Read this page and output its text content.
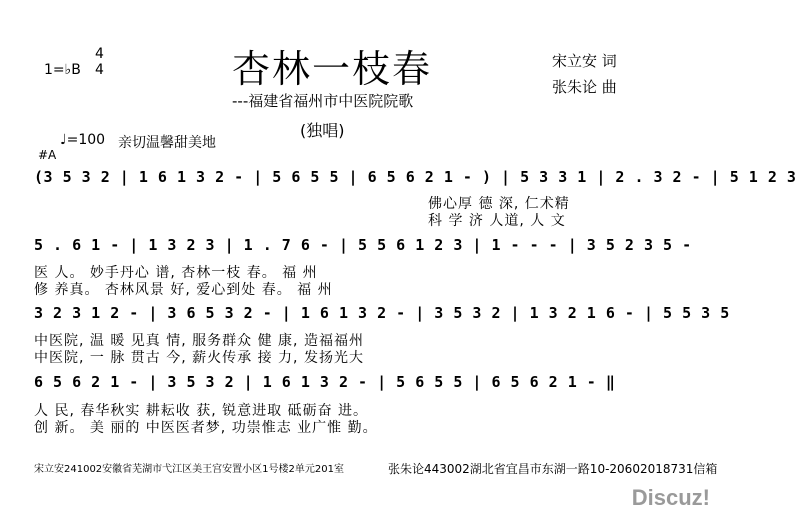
1=♭B
4
4	杏林一枝春
---福建省福州市中医院院歌
(独唱)
宋立安 词
张朱论 曲
♩=100 亲切温馨甜美地
#A
(3 5 3 2 | 1 6 1 3 2 - | 5 6 5 5 | 6 5 6 2 1 - ) | 5 3 3 1 | 2 . 3 2 - | 5 1 2 3
佛心厚 德 深, 仁术精
科 学 济 人道, 人 文
5 . 6 1 - | 1 3 2 3 | 1 . 7 6 - | 5 5 6 1 2 3 | 1 - - - | 3 5 2 3 5 -
医 人。 妙手丹心 谱, 杏林一枝 春。 福 州
修 养真。 杏林风景 好, 爱心到处 春。 福 州
3 2 3 1 2 - | 3 6 5 3 2 - | 1 6 1 3 2 - | 3 5 3 2 | 1 3 2 1 6 - | 5 5 3 5
中医院, 温 暖 见真 情, 服务群众 健 康, 造福福州
中医院, 一 脉 贯古 今, 薪火传承 接 力, 发扬光大
6 5 6 2 1 - | 3 5 3 2 | 1 6 1 3 2 - | 5 6 5 5 | 6 5 6 2 1 - ‖
人 民, 春华秋实 耕耘收 获, 锐意进取 砥砺奋 进。
创 新。 美 丽的 中医医者梦, 功崇惟志 业广惟 勤。
宋立安241002安徽省芜湖市弋江区美王宫安置小区1号楼2单元201室	张朱论443002湖北省宜昌市东湖一路10-20602018731信箱
Discuz!
